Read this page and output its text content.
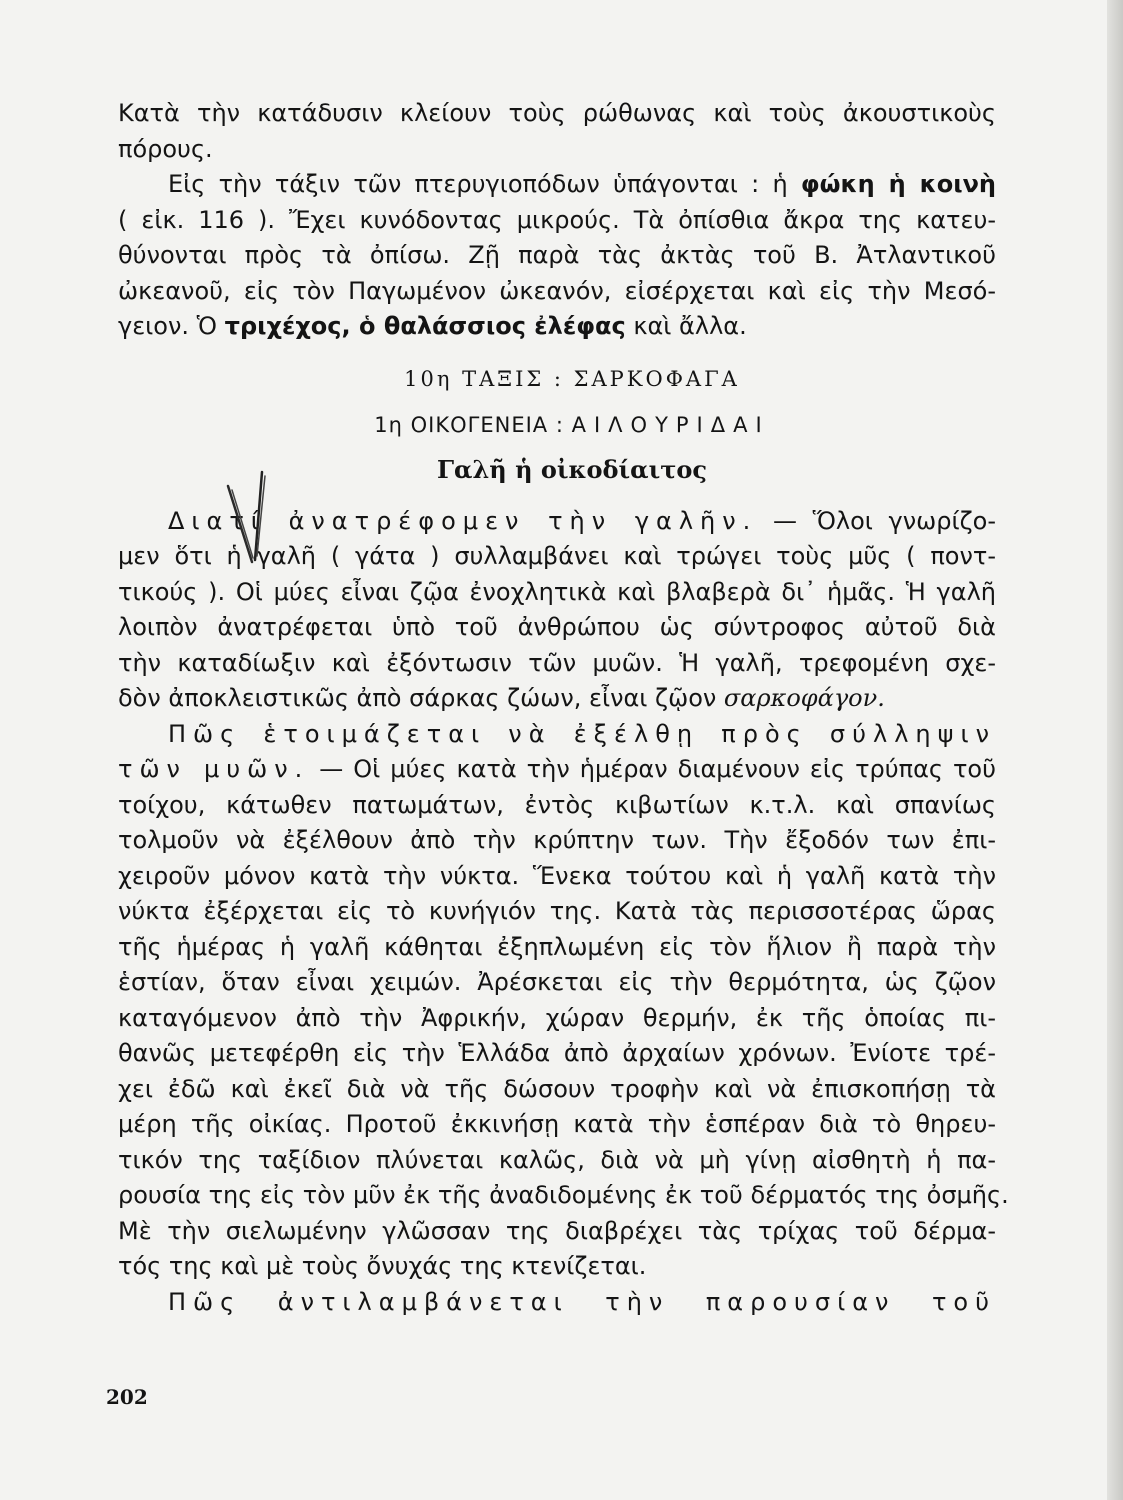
Κατὰ τὴν κατάδυσιν κλείουν τοὺς ρώθωνας καὶ τοὺς ἀκουστικοὺς
πόρους.
Εἰς τὴν τάξιν τῶν πτερυγιοπόδων ὑπάγονται : ἡ φώκη ἡ κοινὴ
( εἰκ. 116 ). Ἔχει κυνόδοντας μικρούς. Τὰ ὀπίσθια ἄκρα της κατευ-
θύνονται πρὸς τὰ ὀπίσω. Ζῇ παρὰ τὰς ἀκτὰς τοῦ Β. Ἀτλαντικοῦ
ὠκεανοῦ, εἰς τὸν Παγωμένον ὠκεανόν, εἰσέρχεται καὶ εἰς τὴν Μεσό-
γειον. Ὁ τριχέχος, ὁ θαλάσσιος ἐλέφας καὶ ἄλλα.
10η ΤΑΞΙΣ : ΣΑΡΚΟΦΑΓΑ
1η ΟΙΚΟΓΕΝΕΙΑ : ΑΙΛΟΥΡΙΔΑΙ
Γαλῆ ἡ οἰκοδίαιτος
Διατί ἀνατρέφομεν τὴν γαλῆν. — Ὅλοι γνωρίζο-
μεν ὅτι ἡ γαλῆ ( γάτα ) συλλαμβάνει καὶ τρώγει τοὺς μῦς ( ποντ-
τικούς ). Οἱ μύες εἶναι ζῷα ἐνοχλητικὰ καὶ βλαβερὰ δι᾿ ἡμᾶς. Ἡ γαλῆ
λοιπὸν ἀνατρέφεται ὑπὸ τοῦ ἀνθρώπου ὡς σύντροφος αὐτοῦ διὰ
τὴν καταδίωξιν καὶ ἐξόντωσιν τῶν μυῶν. Ἡ γαλῆ, τρεφομένη σχε-
δὸν ἀποκλειστικῶς ἀπὸ σάρκας ζώων, εἶναι ζῷον σαρκοφάγον.
Πῶς ἑτοιμάζεται νὰ ἐξέλθῃ πρὸς σύλληψιν
τῶν μυῶν. — Οἱ μύες κατὰ τὴν ἡμέραν διαμένουν εἰς τρύπας τοῦ
τοίχου, κάτωθεν πατωμάτων, ἐντὸς κιβωτίων κ.τ.λ. καὶ σπανίως
τολμοῦν νὰ ἐξέλθουν ἀπὸ τὴν κρύπτην των. Τὴν ἔξοδόν των ἐπι-
χειροῦν μόνον κατὰ τὴν νύκτα. Ἕνεκα τούτου καὶ ἡ γαλῆ κατὰ τὴν
νύκτα ἐξέρχεται εἰς τὸ κυνήγιόν της. Κατὰ τὰς περισσοτέρας ὥρας
τῆς ἡμέρας ἡ γαλῆ κάθηται ἐξηπλωμένη εἰς τὸν ἥλιον ἢ παρὰ τὴν
ἑστίαν, ὅταν εἶναι χειμών. Ἀρέσκεται εἰς τὴν θερμότητα, ὡς ζῷον
καταγόμενον ἀπὸ τὴν Ἀφρικήν, χώραν θερμήν, ἐκ τῆς ὁποίας πι-
θανῶς μετεφέρθη εἰς τὴν Ἑλλάδα ἀπὸ ἀρχαίων χρόνων. Ἐνίοτε τρέ-
χει ἐδῶ καὶ ἐκεῖ διὰ νὰ τῆς δώσουν τροφὴν καὶ νὰ ἐπισκοπήσῃ τὰ
μέρη τῆς οἰκίας. Προτοῦ ἐκκινήσῃ κατὰ τὴν ἑσπέραν διὰ τὸ θηρευ-
τικόν της ταξίδιον πλύνεται καλῶς, διὰ νὰ μὴ γίνῃ αἰσθητὴ ἡ πα-
ρουσία της εἰς τὸν μῦν ἐκ τῆς ἀναδιδομένης ἐκ τοῦ δέρματός της ὀσμῆς.
Μὲ τὴν σιελωμένην γλῶσσαν της διαβρέχει τὰς τρίχας τοῦ δέρμα-
τός της καὶ μὲ τοὺς ὄνυχάς της κτενίζεται.
Πῶς ἀντιλαμβάνεται τὴν παρουσίαν τοῦ
202
